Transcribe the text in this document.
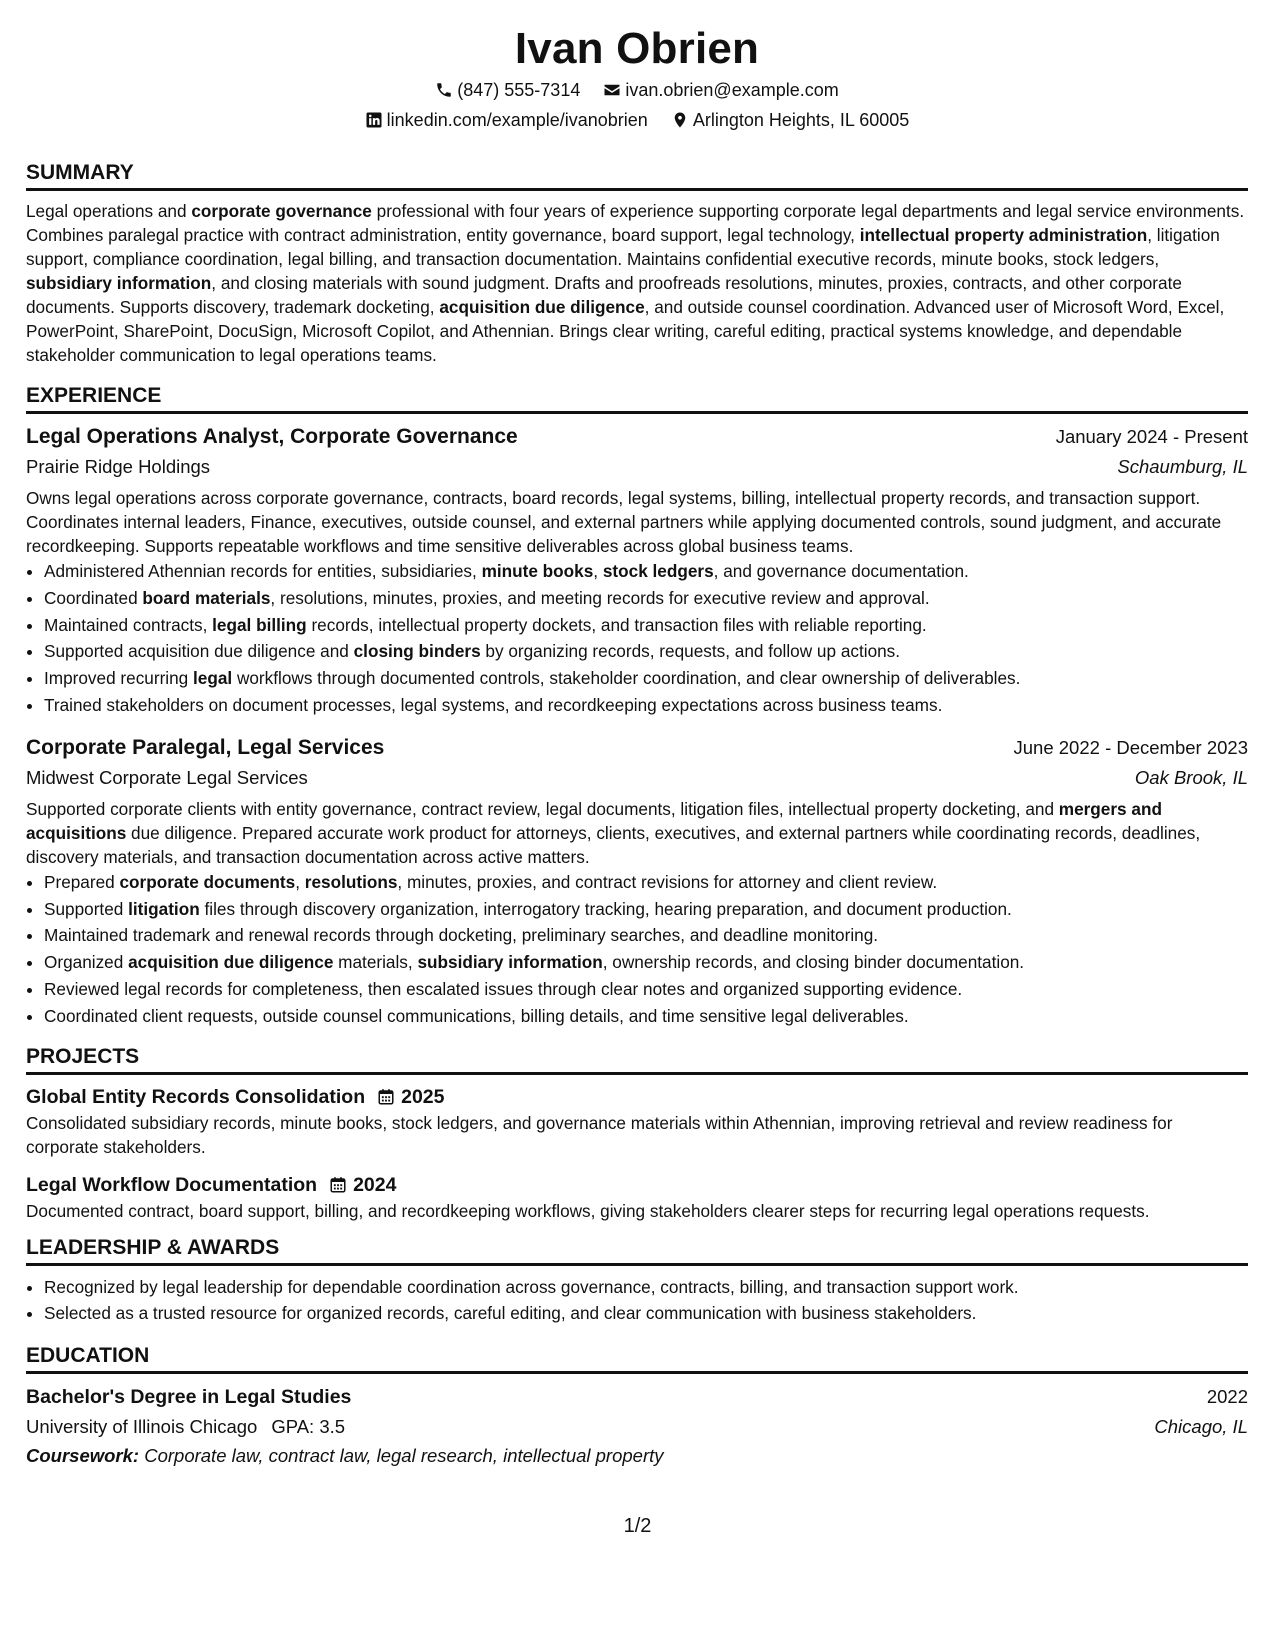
Ivan Obrien
(847) 555-7314
	ivan.obrien@example.com
linkedin.com/example/ivanobrien
	Arlington Heights, IL 60005
SUMMARY

Legal operations and corporate governance professional with four years of experience supporting corporate legal departments and legal service environments. Combines paralegal practice with contract administration, entity governance, board support, legal technology, intellectual property administration, litigation support, compliance coordination, legal billing, and transaction documentation. Maintains confidential executive records, minute books, stock ledgers, subsidiary information, and closing materials with sound judgment. Drafts and proofreads resolutions, minutes, proxies, contracts, and other corporate documents. Supports discovery, trademark docketing, acquisition due diligence, and outside counsel coordination. Advanced user of Microsoft Word, Excel, PowerPoint, SharePoint, DocuSign, Microsoft Copilot, and Athennian. Brings clear writing, careful editing, practical systems knowledge, and dependable stakeholder communication to legal operations teams.

EXPERIENCE
Legal Operations Analyst, Corporate Governance	January 2024 - Present
Prairie Ridge Holdings	Schaumburg, IL

Owns legal operations across corporate governance, contracts, board records, legal systems, billing, intellectual property records, and transaction support. Coordinates internal leaders, Finance, executives, outside counsel, and external partners while applying documented controls, sound judgment, and accurate recordkeeping. Supports repeatable workflows and time sensitive deliverables across global business teams.

• Administered Athennian records for entities, subsidiaries, minute books, stock ledgers, and governance documentation.
• Coordinated board materials, resolutions, minutes, proxies, and meeting records for executive review and approval.
• Maintained contracts, legal billing records, intellectual property dockets, and transaction files with reliable reporting.
• Supported acquisition due diligence and closing binders by organizing records, requests, and follow up actions.
• Improved recurring legal workflows through documented controls, stakeholder coordination, and clear ownership of deliverables.
• Trained stakeholders on document processes, legal systems, and recordkeeping expectations across business teams.
Corporate Paralegal, Legal Services	June 2022 - December 2023
Midwest Corporate Legal Services	Oak Brook, IL

Supported corporate clients with entity governance, contract review, legal documents, litigation files, intellectual property docketing, and mergers and acquisitions due diligence. Prepared accurate work product for attorneys, clients, executives, and external partners while coordinating records, deadlines, discovery materials, and transaction documentation across active matters.

• Prepared corporate documents, resolutions, minutes, proxies, and contract revisions for attorney and client review.
• Supported litigation files through discovery organization, interrogatory tracking, hearing preparation, and document production.
• Maintained trademark and renewal records through docketing, preliminary searches, and deadline monitoring.
• Organized acquisition due diligence materials, subsidiary information, ownership records, and closing binder documentation.
• Reviewed legal records for completeness, then escalated issues through clear notes and organized supporting evidence.
• Coordinated client requests, outside counsel communications, billing details, and time sensitive legal deliverables.
PROJECTS
Global Entity Records Consolidation 2025

Consolidated subsidiary records, minute books, stock ledgers, and governance materials within Athennian, improving retrieval and review readiness for corporate stakeholders.

Legal Workflow Documentation 2024

Documented contract, board support, billing, and recordkeeping workflows, giving stakeholders clearer steps for recurring legal operations requests.

LEADERSHIP & AWARDS
• Recognized by legal leadership for dependable coordination across governance, contracts, billing, and transaction support work.
• Selected as a trusted resource for organized records, careful editing, and clear communication with business stakeholders.
EDUCATION
Bachelor's Degree in Legal Studies	2022
University of Illinois Chicago GPA: 3.5	Chicago, IL
Coursework: Corporate law, contract law, legal research, intellectual property
1/2
